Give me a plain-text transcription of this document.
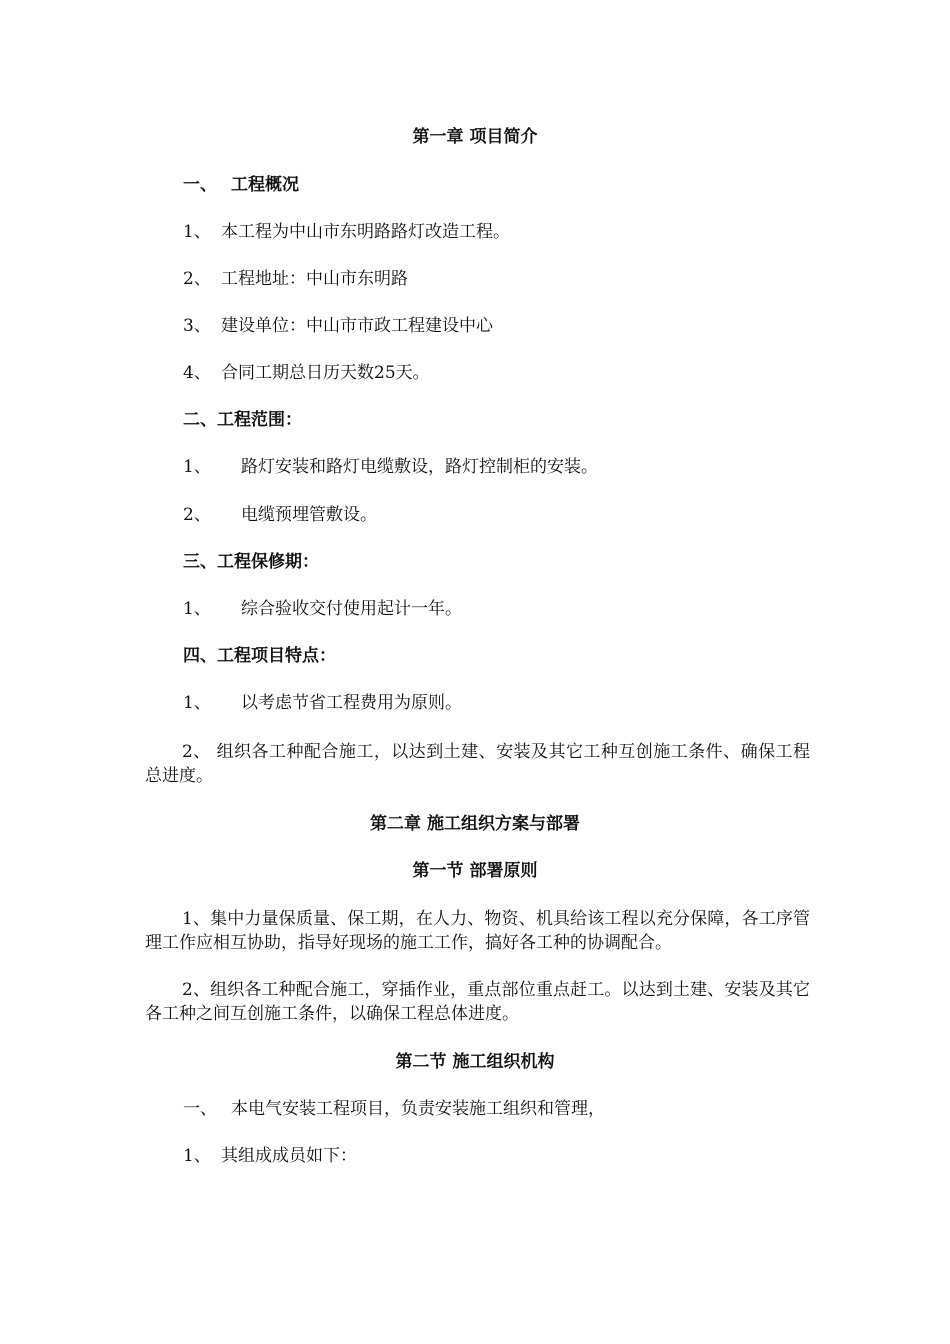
第一章 项目简介
一、 工程概况
1、 本工程为中山市东明路路灯改造工程。
2、 工程地址：中山市东明路
3、 建设单位：中山市市政工程建设中心
4、 合同工期总日历天数25天。
二、工程范围：
1、 路灯安装和路灯电缆敷设，路灯控制柜的安装。
2、 电缆预埋管敷设。
三、工程保修期：
1、 综合验收交付使用起计一年。
四、工程项目特点：
1、 以考虑节省工程费用为原则。
2、 组织各工种配合施工，以达到土建、安装及其它工种互创施工条件、确保工程总进度。
第二章 施工组织方案与部署
第一节 部署原则
1、集中力量保质量、保工期，在人力、物资、机具给该工程以充分保障，各工序管理工作应相互协助，指导好现场的施工工作，搞好各工种的协调配合。
2、组织各工种配合施工，穿插作业，重点部位重点赶工。以达到土建、安装及其它各工种之间互创施工条件，以确保工程总体进度。
第二节 施工组织机构
一、 本电气安装工程项目，负责安装施工组织和管理，
1、 其组成成员如下：
